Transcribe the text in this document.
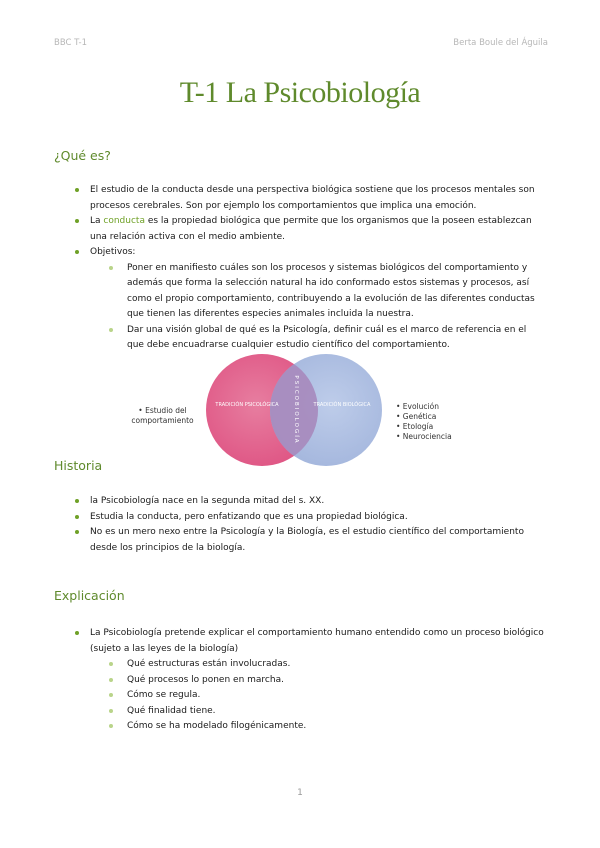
BBC T-1	Berta Boule del Águila
T-1 La Psicobiología
¿Qué es?
El estudio de la conducta desde una perspectiva biológica sostiene que los procesos mentales son procesos cerebrales. Son por ejemplo los comportamientos que implica una emoción.
La conducta es la propiedad biológica que permite que los organismos que la poseen establezcan una relación activa con el medio ambiente.
Objetivos:
Poner en manifiesto cuáles son los procesos y sistemas biológicos del comportamiento y además que forma la selección natural ha ido conformado estos sistemas y procesos, así como el propio comportamiento, contribuyendo a la evolución de las diferentes conductas que tienen las diferentes especies animales incluida la nuestra.
Dar una visión global de qué es la Psicología, definir cuál es el marco de referencia en el que debe encuadrarse cualquier estudio científico del comportamiento.
• Estudio del comportamiento
TRADICIÓN PSICOLÓGICA	TRADICIÓN BIOLÓGICA
PSICOBIOLOGÍA	• Evolución
• Genética
• Etología
• Neurociencia
Historia
la Psicobiología nace en la segunda mitad del s. XX.
Estudia la conducta, pero enfatizando que es una propiedad biológica.
No es un mero nexo entre la Psicología y la Biología, es el estudio científico del comportamiento desde los principios de la biología.
Explicación
La Psicobiología pretende explicar el comportamiento humano entendido como un proceso biológico (sujeto a las leyes de la biología)
Qué estructuras están involucradas.
Qué procesos lo ponen en marcha.
Cómo se regula.
Qué finalidad tiene.
Cómo se ha modelado filogénicamente.
1
